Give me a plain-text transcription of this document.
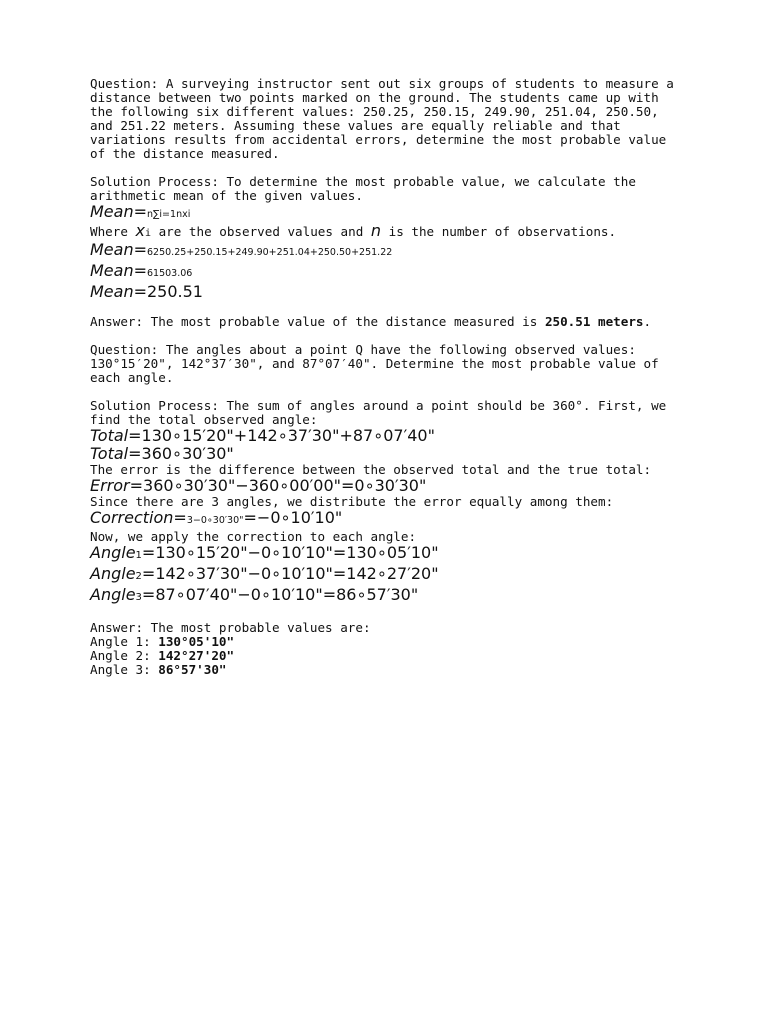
Question: A surveying instructor sent out six groups of students to measure a distance between two points marked on the ground. The students came up with the following six different values: 250.25, 250.15, 249.90, 251.04, 250.50, and 251.22 meters. Assuming these values are equally reliable and that variations results from accidental errors, determine the most probable value of the distance measured.

Solution Process: To determine the most probable value, we calculate the arithmetic mean of the given values.

Mean=n∑i=1nxi

Where xi are the observed values and n is the number of observations.

Mean=6250.25+250.15+249.90+251.04+250.50+251.22
Mean=61503.06
Mean=250.51

Answer: The most probable value of the distance measured is 250.51 meters.

Question: The angles about a point Q have the following observed values: 130°15′20", 142°37′30", and 87°07′40". Determine the most probable value of each angle.

Solution Process: The sum of angles around a point should be 360°. First, we find the total observed angle:

Total=130∘15′20"+142∘37′30"+87∘07′40"
Total=360∘30′30"

The error is the difference between the observed total and the true total:

Error=360∘30′30"−360∘00′00"=0∘30′30"

Since there are 3 angles, we distribute the error equally among them:

Correction=3−0∘30′30"=−0∘10′10"

Now, we apply the correction to each angle:

Angle1=130∘15′20"−0∘10′10"=130∘05′10"
Angle2=142∘37′30"−0∘10′10"=142∘27′20"
Angle3=87∘07′40"−0∘10′10"=86∘57′30"

Answer: The most probable values are:

Angle 1: 130°05'10"

Angle 2: 142°27'20"

Angle 3: 86°57'30"
